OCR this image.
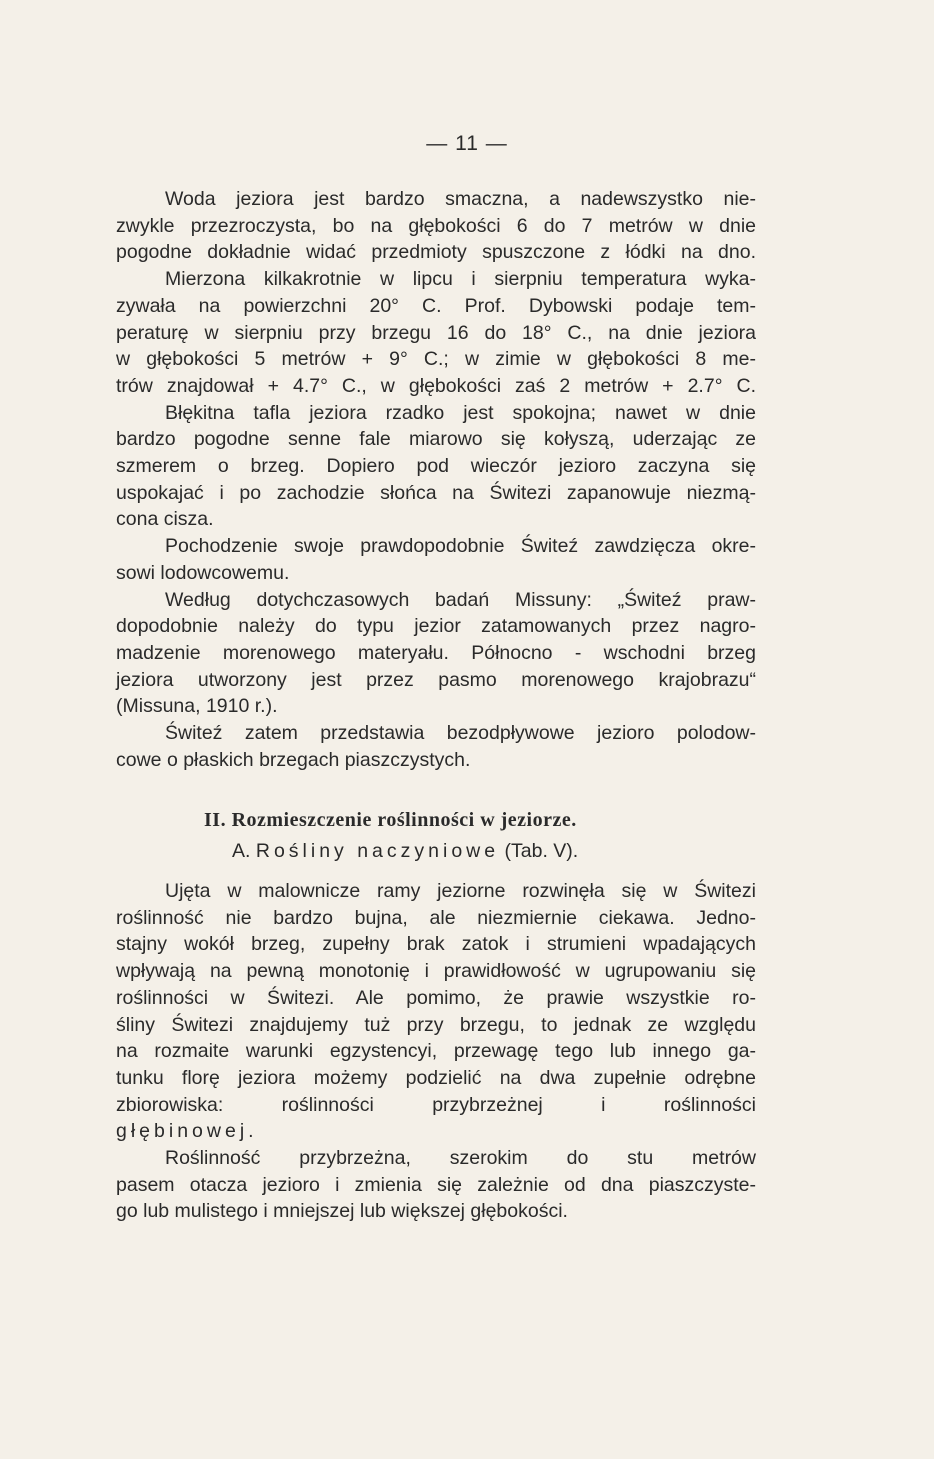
— 11 —
Woda jeziora jest bardzo smaczna, a nadewszystko nie-
zwykle przezroczysta, bo na głębokości 6 do 7 metrów w dnie
pogodne dokładnie widać przedmioty spuszczone z łódki na dno.
Mierzona kilkakrotnie w lipcu i sierpniu temperatura wyka-
zywała na powierzchni 20° C. Prof. Dybowski podaje tem-
peraturę w sierpniu przy brzegu 16 do 18° C., na dnie jeziora
w głębokości 5 metrów + 9° C.; w zimie w głębokości 8 me-
trów znajdował + 4.7° C., w głębokości zaś 2 metrów + 2.7° C.
Błękitna tafla jeziora rzadko jest spokojna; nawet w dnie
bardzo pogodne senne fale miarowo się kołyszą, uderzając ze
szmerem o brzeg. Dopiero pod wieczór jezioro zaczyna się
uspokajać i po zachodzie słońca na Świtezi zapanowuje niezmą-
cona cisza.
Pochodzenie swoje prawdopodobnie Świteź zawdzięcza okre-
sowi lodowcowemu.
Według dotychczasowych badań Missuny: „Świteź praw-
dopodobnie należy do typu jezior zatamowanych przez nagro-
madzenie morenowego materyału. Północno - wschodni brzeg
jeziora utworzony jest przez pasmo morenowego krajobrazu“
(Missuna, 1910 r.).
Świteź zatem przedstawia bezodpływowe jezioro polodow-
cowe o płaskich brzegach piaszczystych.
II. Rozmieszczenie roślinności w jeziorze.
A. Rośliny naczyniowe (Tab. V).
Ujęta w malownicze ramy jeziorne rozwinęła się w Świtezi
roślinność nie bardzo bujna, ale niezmiernie ciekawa. Jedno-
stajny wokół brzeg, zupełny brak zatok i strumieni wpadających
wpływają na pewną monotonię i prawidłowość w ugrupowaniu się
roślinności w Świtezi. Ale pomimo, że prawie wszystkie ro-
śliny Świtezi znajdujemy tuż przy brzegu, to jednak ze względu
na rozmaite warunki egzystencyi, przewagę tego lub innego ga-
tunku florę jeziora możemy podzielić na dwa zupełnie odrębne
zbiorowiska: roślinności przybrzeżnej i roślinności
głębinowej.
Roślinność przybrzeżna, szerokim do stu metrów
pasem otacza jezioro i zmienia się zależnie od dna piaszczyste-
go lub mulistego i mniejszej lub większej głębokości.
